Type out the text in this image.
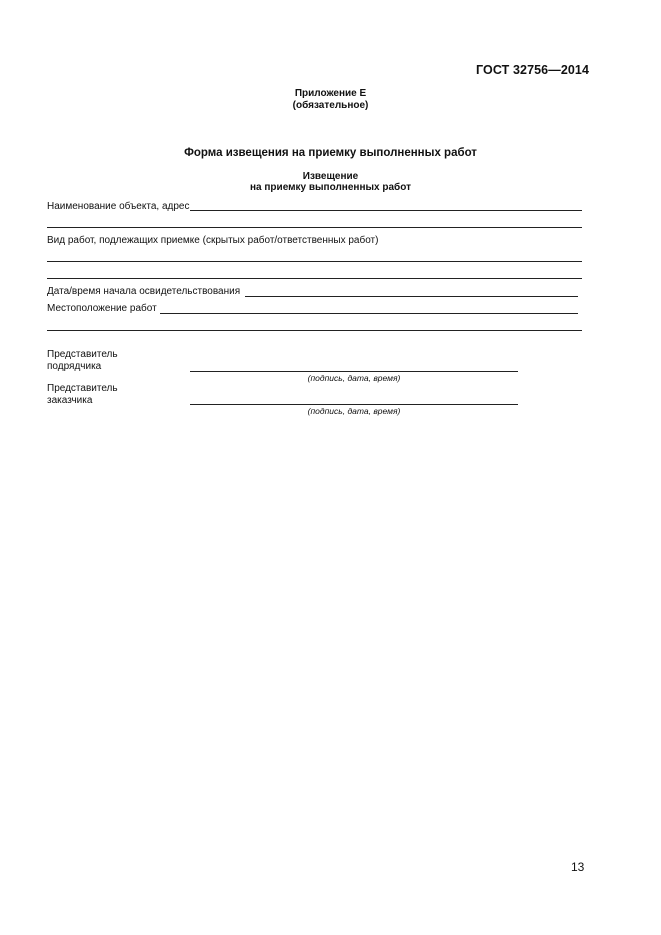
ГОСТ 32756—2014
Приложение Е
(обязательное)
Форма извещения на приемку выполненных работ
Извещение
на приемку выполненных работ
Наименование объекта, адрес
Вид работ, подлежащих приемке (скрытых работ/ответственных работ)
Дата/время начала освидетельствования
Местоположение работ
Представитель
подрядчика
(подпись, дата, время)
Представитель
заказчика
(подпись, дата, время)
13
